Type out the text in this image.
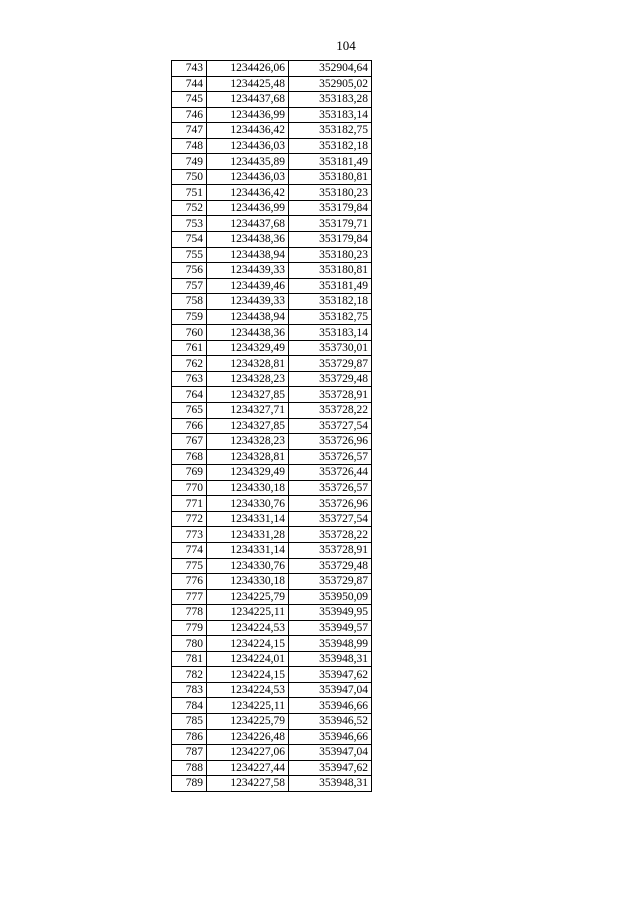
104
743	1234426,06	352904,64
744	1234425,48	352905,02
745	1234437,68	353183,28
746	1234436,99	353183,14
747	1234436,42	353182,75
748	1234436,03	353182,18
749	1234435,89	353181,49
750	1234436,03	353180,81
751	1234436,42	353180,23
752	1234436,99	353179,84
753	1234437,68	353179,71
754	1234438,36	353179,84
755	1234438,94	353180,23
756	1234439,33	353180,81
757	1234439,46	353181,49
758	1234439,33	353182,18
759	1234438,94	353182,75
760	1234438,36	353183,14
761	1234329,49	353730,01
762	1234328,81	353729,87
763	1234328,23	353729,48
764	1234327,85	353728,91
765	1234327,71	353728,22
766	1234327,85	353727,54
767	1234328,23	353726,96
768	1234328,81	353726,57
769	1234329,49	353726,44
770	1234330,18	353726,57
771	1234330,76	353726,96
772	1234331,14	353727,54
773	1234331,28	353728,22
774	1234331,14	353728,91
775	1234330,76	353729,48
776	1234330,18	353729,87
777	1234225,79	353950,09
778	1234225,11	353949,95
779	1234224,53	353949,57
780	1234224,15	353948,99
781	1234224,01	353948,31
782	1234224,15	353947,62
783	1234224,53	353947,04
784	1234225,11	353946,66
785	1234225,79	353946,52
786	1234226,48	353946,66
787	1234227,06	353947,04
788	1234227,44	353947,62
789	1234227,58	353948,31
